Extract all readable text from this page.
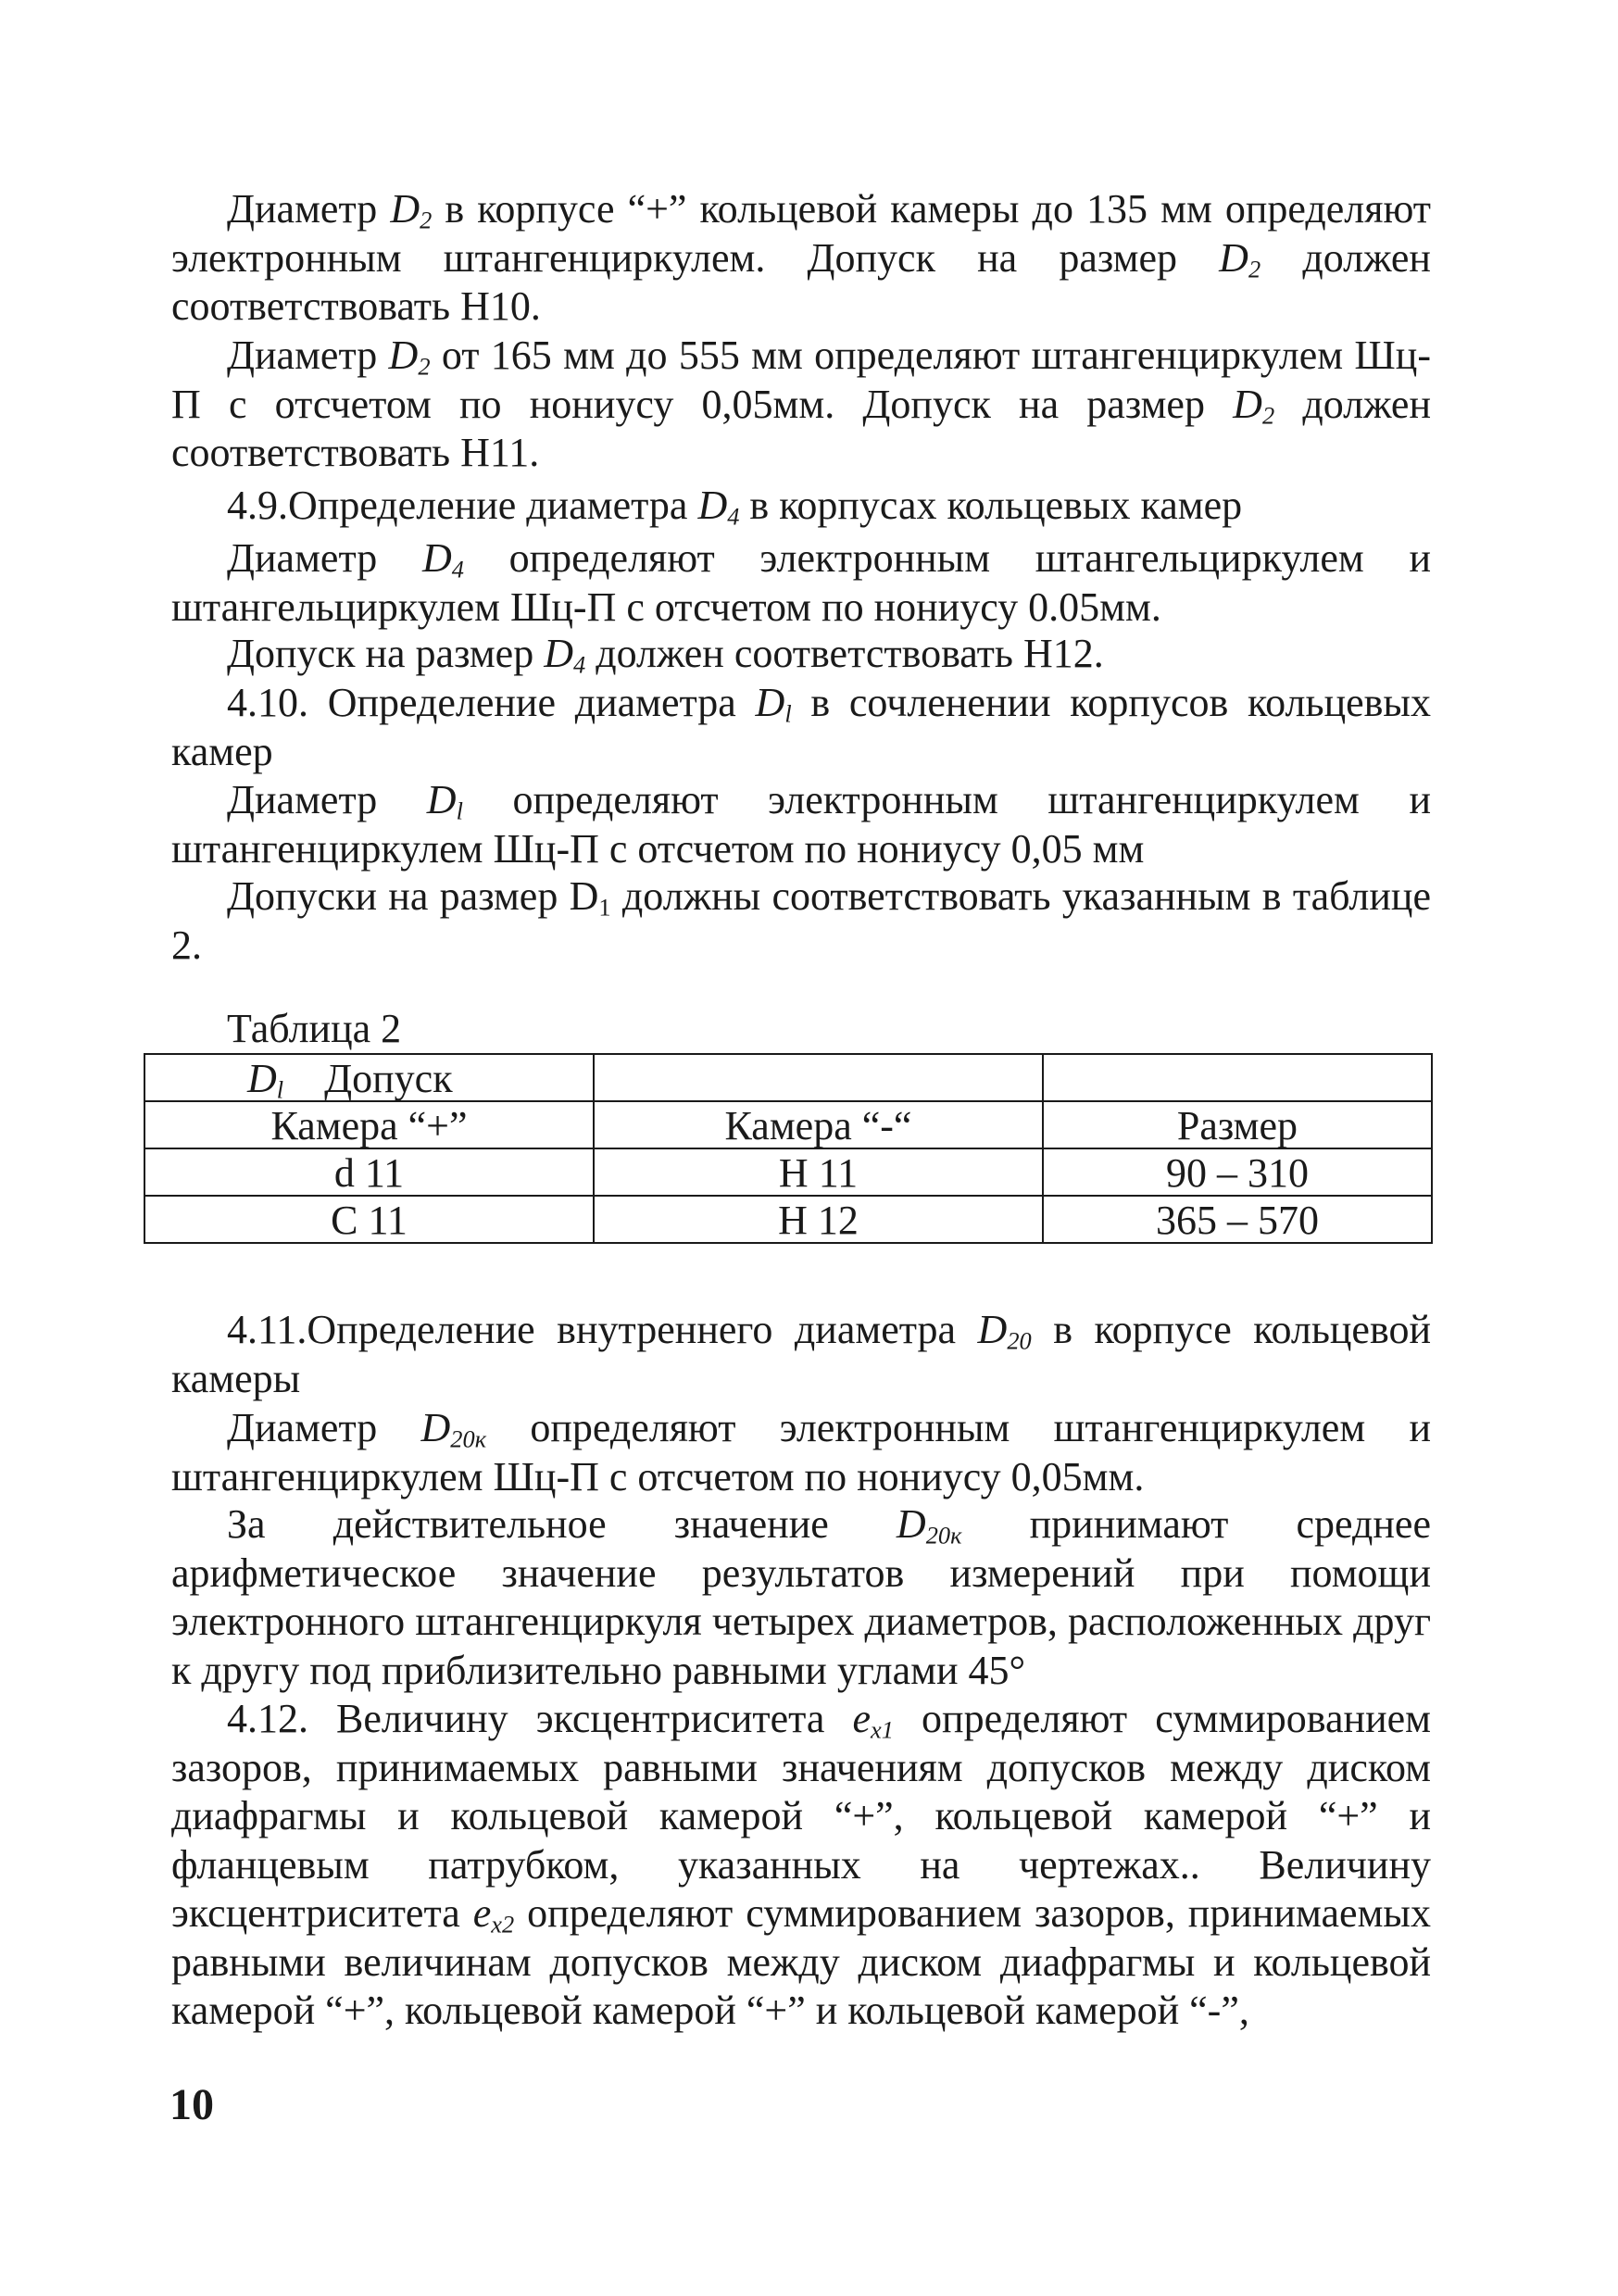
Диаметр $D_2$ в корпусе “+” кольцевой камеры до 135 мм определяют электронным штангенциркулем. Допуск на размер $D_2$ должен соответствовать Н10.
Диаметр $D_2$ от 165 мм до 555 мм определяют штангенциркулем Шц-П с отсчетом по нониусу 0,05мм. Допуск на размер $D_2$ должен соответствовать Н11.
4.9.Определение диаметра $D_4$ в корпусах кольцевых камер
Диаметр $D_4$ определяют электронным штангельциркулем и штангельциркулем Шц-П с отсчетом по нониусу 0.05мм.
Допуск на размер $D_4$ должен соответствовать Н12.
4.10. Определение диаметра $D_l$ в сочленении корпусов кольцевых камер
Диаметр $D_l$ определяют электронным штангенциркулем и штангенциркулем Шц-П с отсчетом по нониусу 0,05 мм
Допуски на размер $D_1$ должны соответствовать указанным в таблице 2.
Таблица 2
$D_l$ Допуск		
Камера “+”	Камера “-“	Размер
d 11	Н 11	90 – 310
С 11	Н 12	365 – 570
4.11.Определение внутреннего диаметра $D_{20}$ в корпусе кольцевой камеры
Диаметр $D_{20к}$ определяют электронным штангенциркулем и штангенциркулем Шц-П с отсчетом по нониусу 0,05мм.
За действительное значение $D_{20к}$ принимают среднее арифметическое значение результатов измерений при помощи электронного штангенциркуля четырех диаметров, расположенных друг к другу под приблизительно равными углами 45°
4.12. Величину эксцентриситета $e_{x1}$ определяют суммированием зазоров, принимаемых равными значениям допусков между диском диафрагмы и кольцевой камерой “+”, кольцевой камерой “+” и фланцевым патрубком, указанных на чертежах.. Величину эксцентриситета $e_{x2}$ определяют суммированием зазоров, принимаемых равными величинам допусков между диском диафрагмы и кольцевой камерой “+”, кольцевой камерой “+” и кольцевой камерой “-”,
10
